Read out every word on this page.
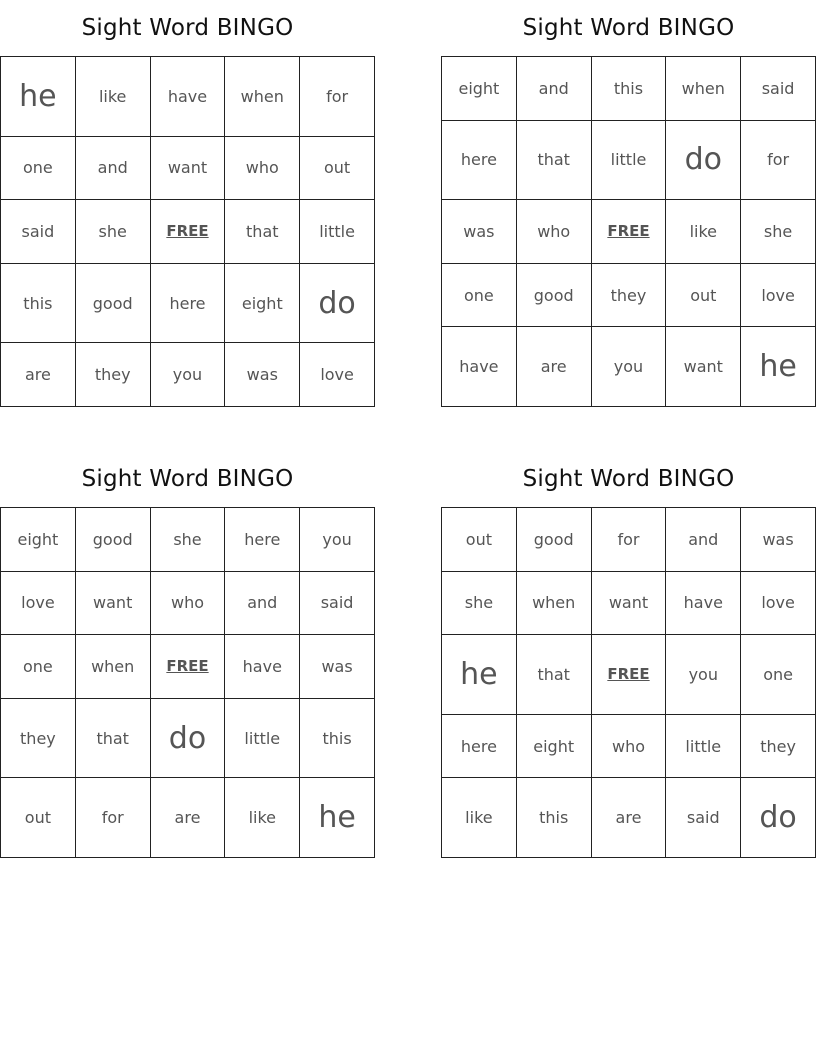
Sight Word BINGO
he	like	have	when	for
one	and	want	who	out
said	she	FREE	that	little
this	good	here	eight	do
are	they	you	was	love
Sight Word BINGO
eight	and	this	when	said
here	that	little	do	for
was	who	FREE	like	she
one	good	they	out	love
have	are	you	want	he
Sight Word BINGO
eight	good	she	here	you
love	want	who	and	said
one	when	FREE	have	was
they	that	do	little	this
out	for	are	like	he
Sight Word BINGO
out	good	for	and	was
she	when	want	have	love
he	that	FREE	you	one
here	eight	who	little	they
like	this	are	said	do
